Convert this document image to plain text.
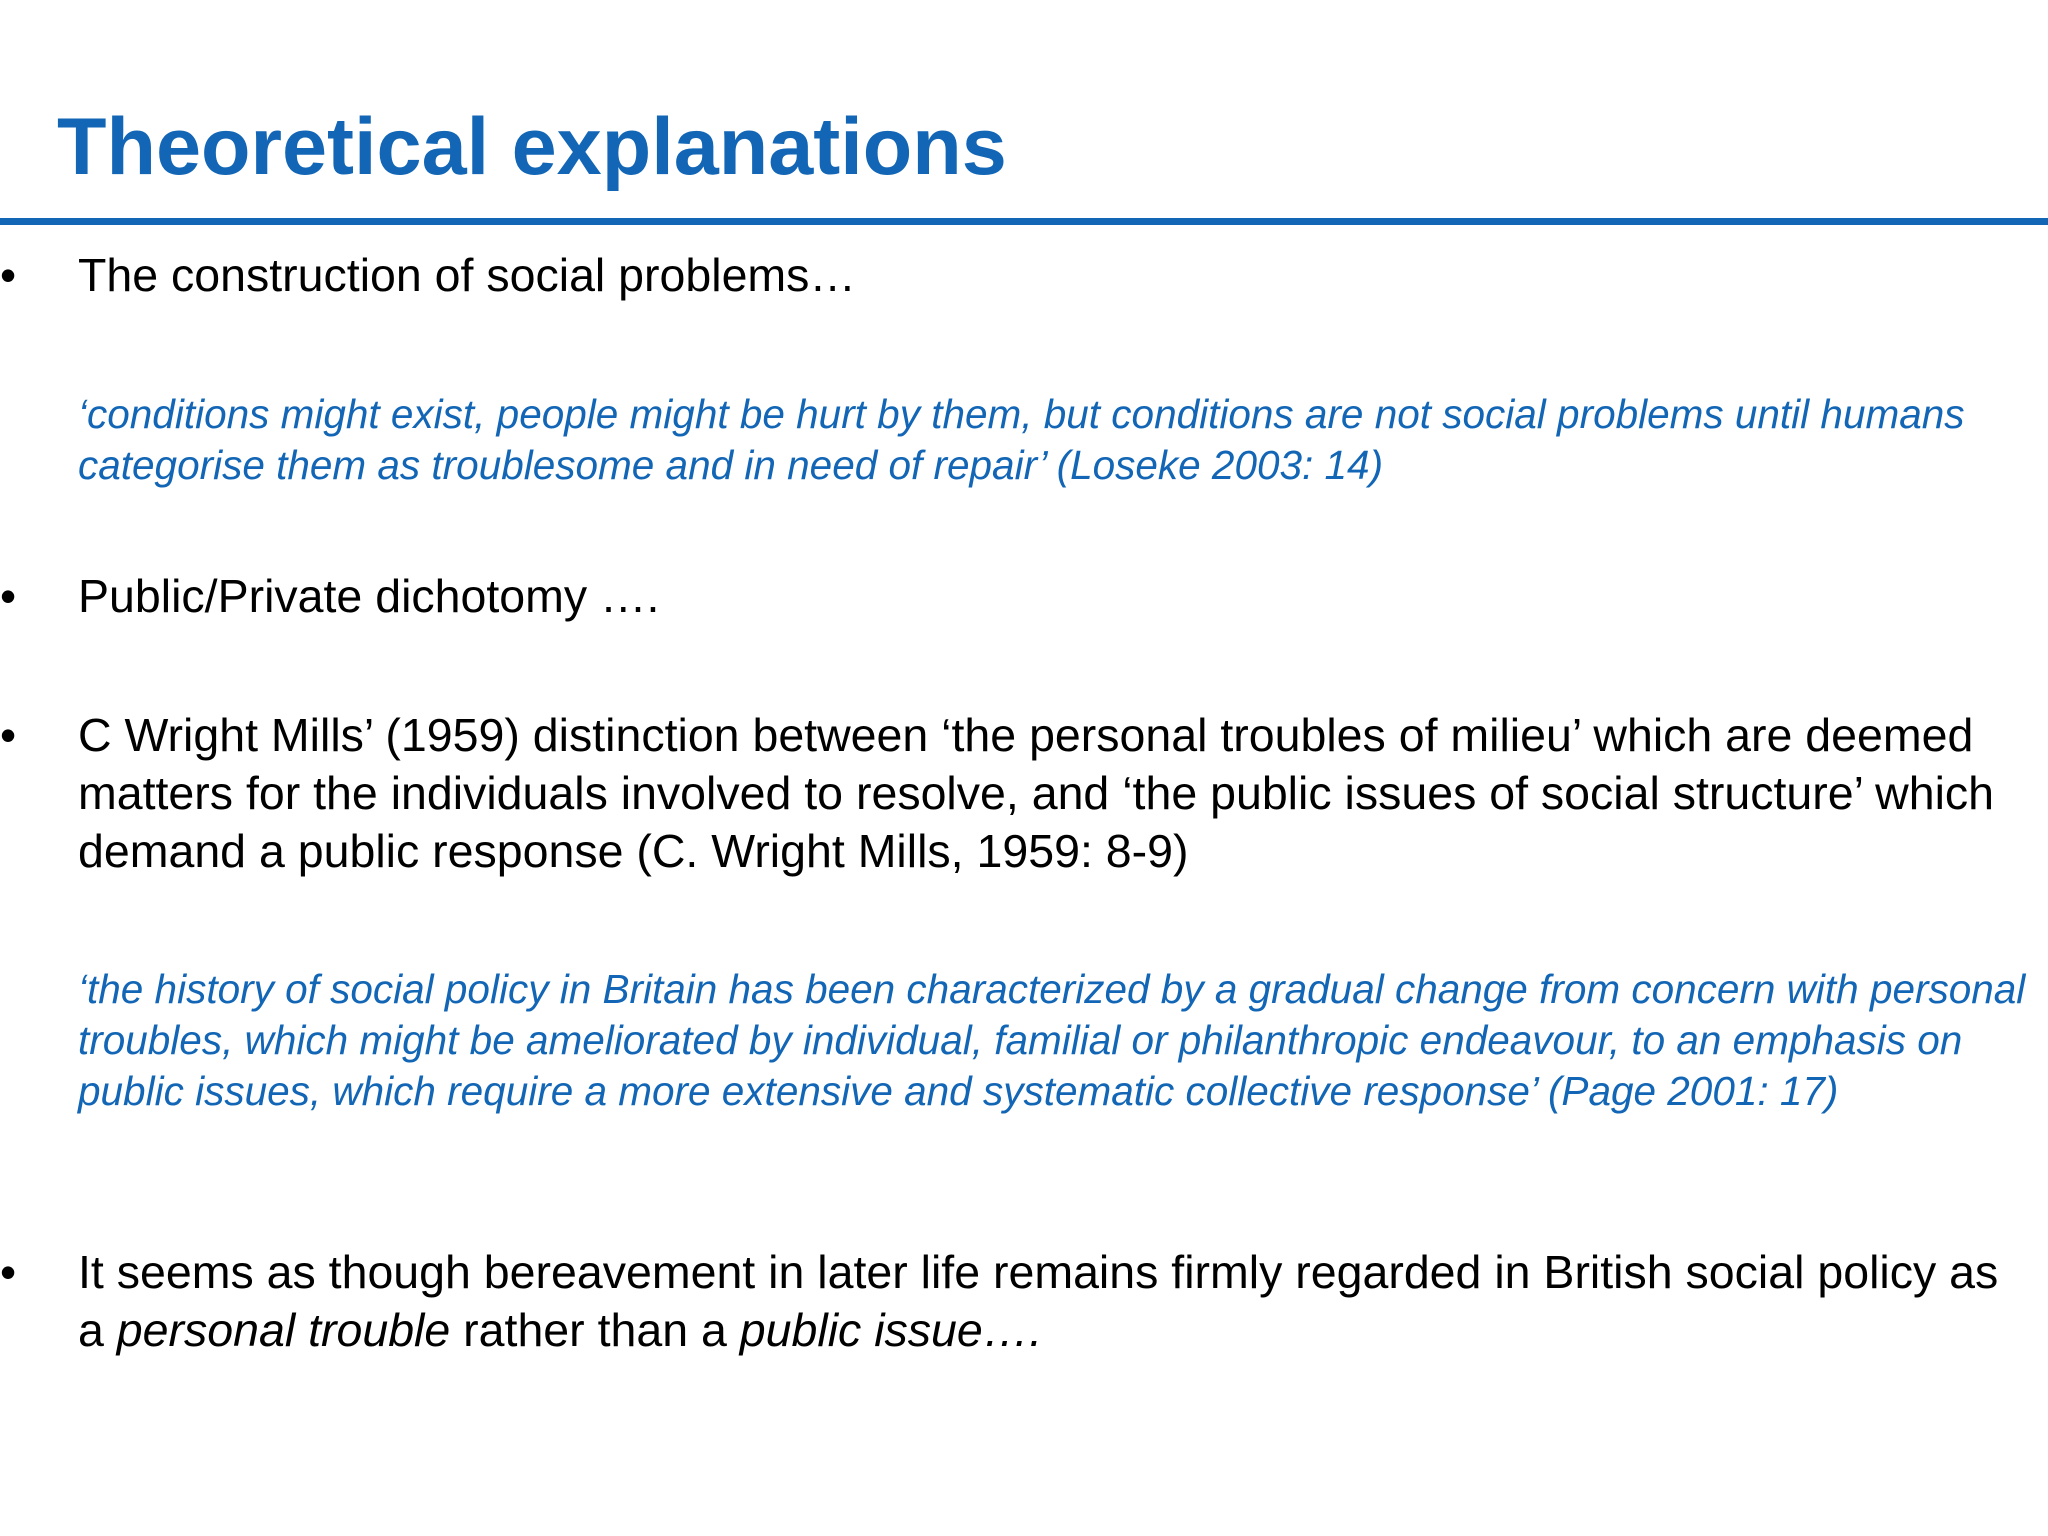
Theoretical explanations
•	The construction of social problems…
‘conditions might exist, people might be hurt by them, but conditions are not social problems until humans categorise them as troublesome and in need of repair’ (Loseke 2003: 14)
•	Public/Private dichotomy ….
•	C Wright Mills’ (1959) distinction between ‘the personal troubles of milieu’ which are deemed matters for the individuals involved to resolve, and ‘the public issues of social structure’ which demand a public response (C. Wright Mills, 1959: 8-9)
‘the history of social policy in Britain has been characterized by a gradual change from concern with personal troubles, which might be ameliorated by individual, familial or philanthropic endeavour, to an emphasis on public issues, which require a more extensive and systematic collective response’ (Page 2001: 17)
•	It seems as though bereavement in later life remains firmly regarded in British social policy as a personal trouble rather than a public issue….
